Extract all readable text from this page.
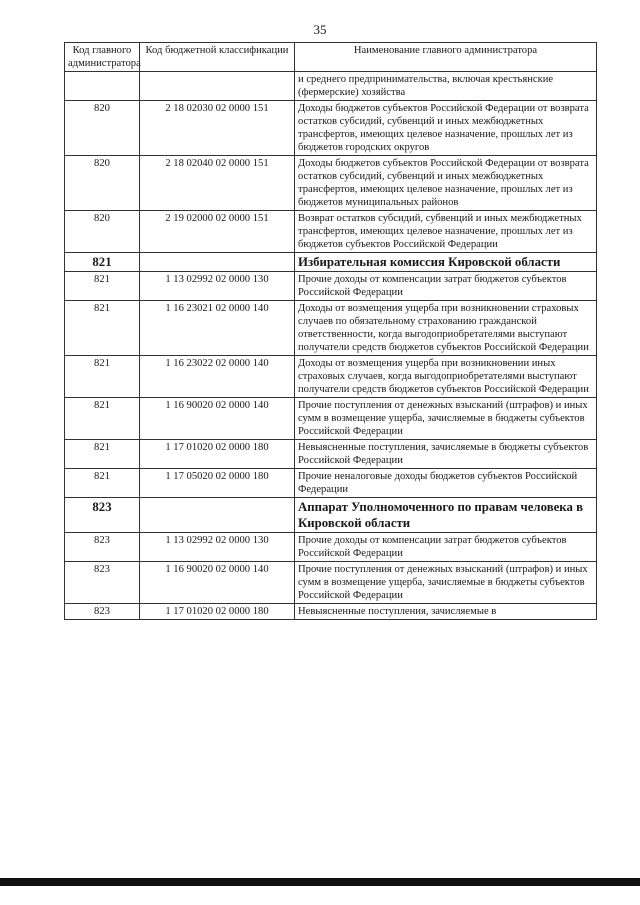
35
Код главного администратора	Код бюджетной классификации	Наименование главного администратора
		и среднего предпринимательства, включая крестьянские (фермерские) хозяйства
820	2 18 02030 02 0000 151	Доходы бюджетов субъектов Российской Федерации от возврата остатков субсидий, субвенций и иных межбюджетных трансфертов, имеющих целевое назначение, прошлых лет из бюджетов городских округов
820	2 18 02040 02 0000 151	Доходы бюджетов субъектов Российской Федерации от возврата остатков субсидий, субвенций и иных межбюджетных трансфертов, имеющих целевое назначение, прошлых лет из бюджетов муниципальных районов
820	2 19 02000 02 0000 151	Возврат остатков субсидий, субвенций и иных межбюджетных трансфертов, имеющих целевое назначение, прошлых лет из бюджетов субъектов Российской Федерации
821		Избирательная комиссия Кировской области
821	1 13 02992 02 0000 130	Прочие доходы от компенсации затрат бюджетов субъектов Российской Федерации
821	1 16 23021 02 0000 140	Доходы от возмещения ущерба при возникновении страховых случаев по обязательному страхованию гражданской ответственности, когда выгодоприобретателями выступают получатели средств бюджетов субъектов Российской Федерации
821	1 16 23022 02 0000 140	Доходы от возмещения ущерба при возникновении иных страховых случаев, когда выгодоприобретателями выступают получатели средств бюджетов субъектов Российской Федерации
821	1 16 90020 02 0000 140	Прочие поступления от денежных взысканий (штрафов) и иных сумм в возмещение ущерба, зачисляемые в бюджеты субъектов Российской Федерации
821	1 17 01020 02 0000 180	Невыясненные поступления, зачисляемые в бюджеты субъектов Российской Федерации
821	1 17 05020 02 0000 180	Прочие неналоговые доходы бюджетов субъектов Российской Федерации
823		Аппарат Уполномоченного по правам человека в Кировской области
823	1 13 02992 02 0000 130	Прочие доходы от компенсации затрат бюджетов субъектов Российской Федерации
823	1 16 90020 02 0000 140	Прочие поступления от денежных взысканий (штрафов) и иных сумм в возмещение ущерба, зачисляемые в бюджеты субъектов Российской Федерации
823	1 17 01020 02 0000 180	Невыясненные поступления, зачисляемые в
